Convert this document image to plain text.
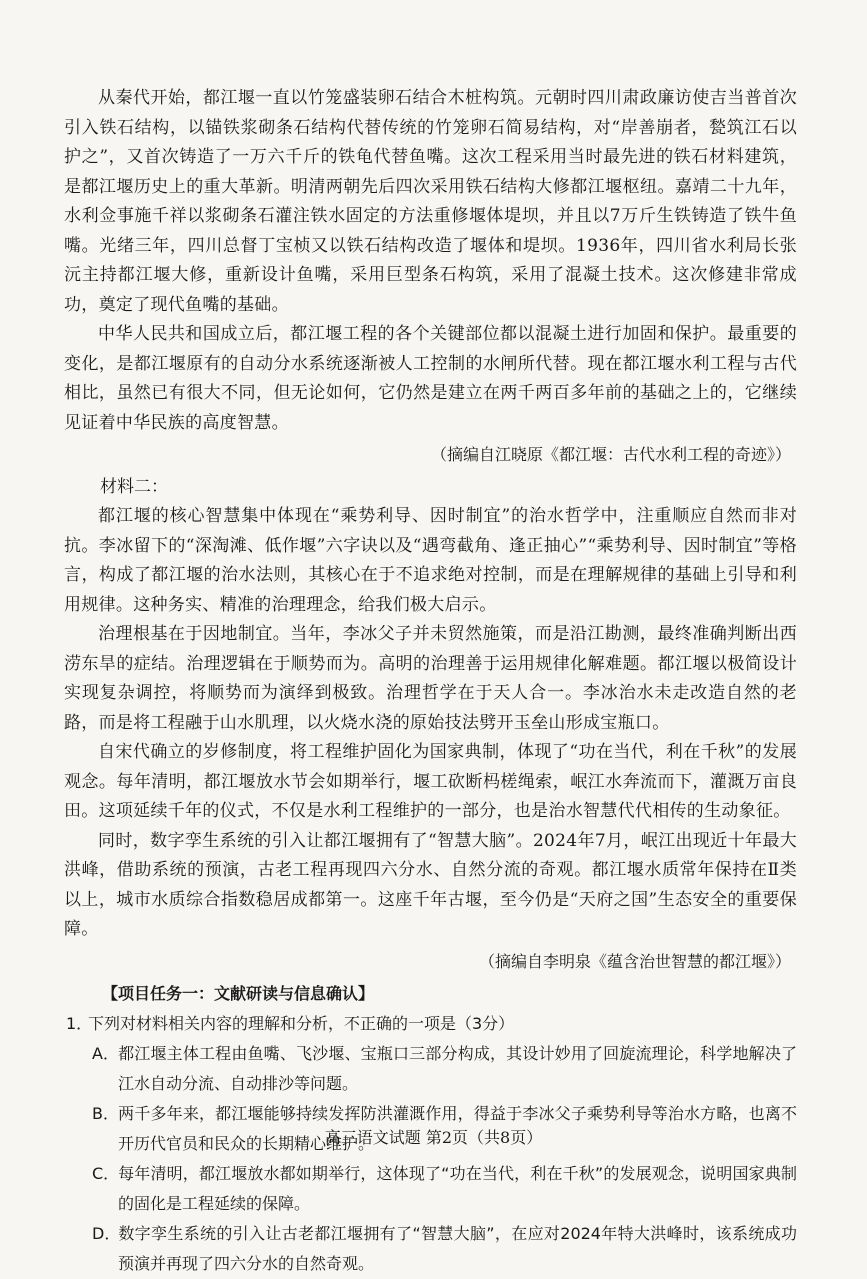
从秦代开始，都江堰一直以竹笼盛装卵石结合木桩构筑。元朝时四川肃政廉访使吉当普首次引入铁石结构，以锚铁浆砌条石结构代替传统的竹笼卵石简易结构，对“岸善崩者，甃筑江石以护之”，又首次铸造了一万六千斤的铁龟代替鱼嘴。这次工程采用当时最先进的铁石材料建筑，是都江堰历史上的重大革新。明清两朝先后四次采用铁石结构大修都江堰枢纽。嘉靖二十九年，水利佥事施千祥以浆砌条石灌注铁水固定的方法重修堰体堤坝，并且以7万斤生铁铸造了铁牛鱼嘴。光绪三年，四川总督丁宝桢又以铁石结构改造了堰体和堤坝。1936年，四川省水利局长张沅主持都江堰大修，重新设计鱼嘴，采用巨型条石构筑，采用了混凝土技术。这次修建非常成功，奠定了现代鱼嘴的基础。

中华人民共和国成立后，都江堰工程的各个关键部位都以混凝土进行加固和保护。最重要的变化，是都江堰原有的自动分水系统逐渐被人工控制的水闸所代替。现在都江堰水利工程与古代相比，虽然已有很大不同，但无论如何，它仍然是建立在两千两百多年前的基础之上的，它继续见证着中华民族的高度智慧。

（摘编自江晓原《都江堰：古代水利工程的奇迹》）

材料二：

都江堰的核心智慧集中体现在“乘势利导、因时制宜”的治水哲学中，注重顺应自然而非对抗。李冰留下的“深淘滩、低作堰”六字诀以及“遇弯截角、逢正抽心”“乘势利导、因时制宜”等格言，构成了都江堰的治水法则，其核心在于不追求绝对控制，而是在理解规律的基础上引导和利用规律。这种务实、精准的治理理念，给我们极大启示。

治理根基在于因地制宜。当年，李冰父子并未贸然施策，而是沿江勘测，最终准确判断出西涝东旱的症结。治理逻辑在于顺势而为。高明的治理善于运用规律化解难题。都江堰以极简设计实现复杂调控，将顺势而为演绎到极致。治理哲学在于天人合一。李冰治水未走改造自然的老路，而是将工程融于山水肌理，以火烧水浇的原始技法劈开玉垒山形成宝瓶口。

自宋代确立的岁修制度，将工程维护固化为国家典制，体现了“功在当代，利在千秋”的发展观念。每年清明，都江堰放水节会如期举行，堰工砍断杩槎绳索，岷江水奔流而下，灌溉万亩良田。这项延续千年的仪式，不仅是水利工程维护的一部分，也是治水智慧代代相传的生动象征。

同时，数字孪生系统的引入让都江堰拥有了“智慧大脑”。2024年7月，岷江出现近十年最大洪峰，借助系统的预演，古老工程再现四六分水、自然分流的奇观。都江堰水质常年保持在Ⅱ类以上，城市水质综合指数稳居成都第一。这座千年古堰，至今仍是“天府之国”生态安全的重要保障。

（摘编自李明泉《蕴含治世智慧的都江堰》）

【项目任务一：文献研读与信息确认】

1．下列对材料相关内容的理解和分析，不正确的一项是（3分）

A．都江堰主体工程由鱼嘴、飞沙堰、宝瓶口三部分构成，其设计妙用了回旋流理论，科学地解决了江水自动分流、自动排沙等问题。

B．两千多年来，都江堰能够持续发挥防洪灌溉作用，得益于李冰父子乘势利导等治水方略，也离不开历代官员和民众的长期精心维护。

C．每年清明，都江堰放水都如期举行，这体现了“功在当代，利在千秋”的发展观念，说明国家典制的固化是工程延续的保障。

D．数字孪生系统的引入让古老都江堰拥有了“智慧大脑”，在应对2024年特大洪峰时，该系统成功预演并再现了四六分水的自然奇观。

高三语文试题 第2页（共8页）
